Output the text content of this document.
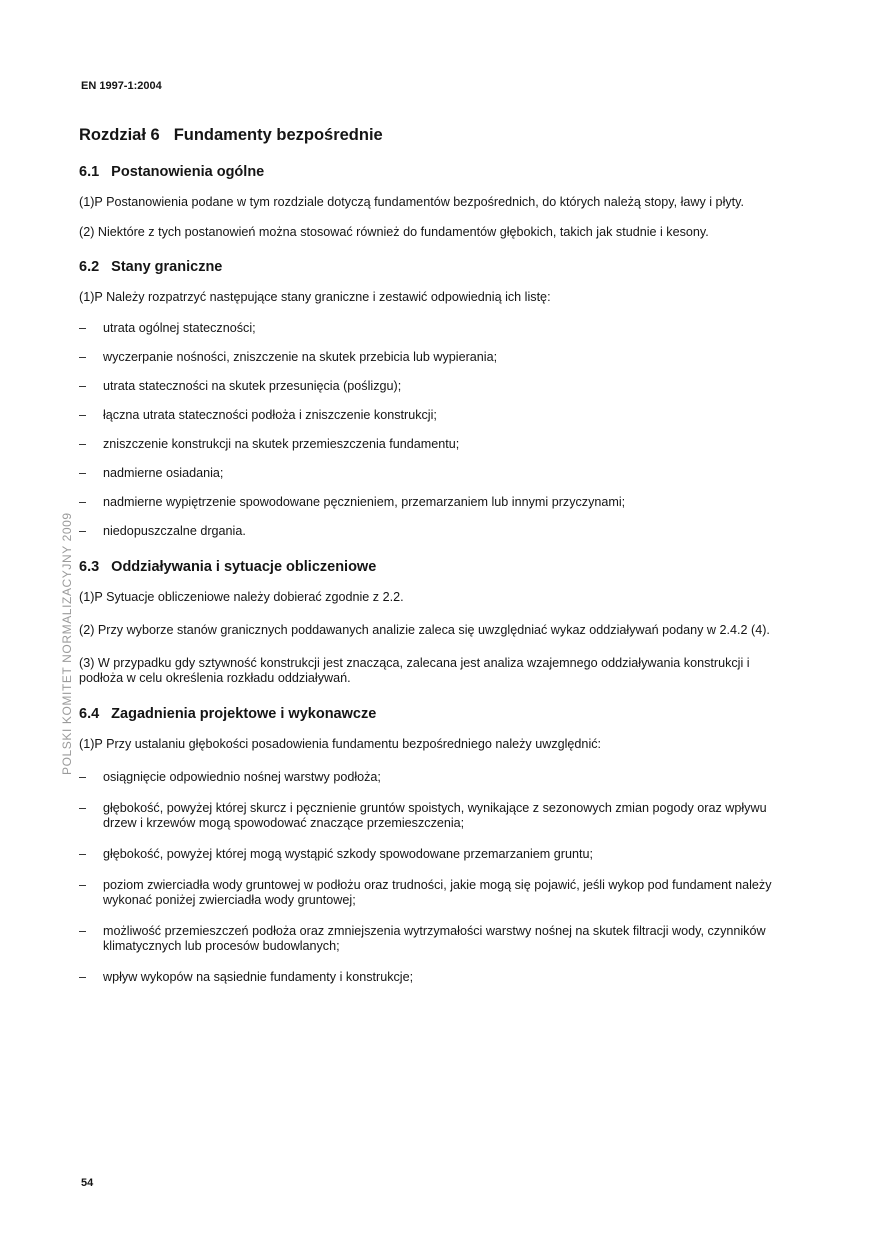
EN 1997-1:2004
POLSKI KOMITET NORMALIZACYJNY 2009
Rozdział 6 Fundamenty bezpośrednie
6.1 Postanowienia ogólne

(1)P Postanowienia podane w tym rozdziale dotyczą fundamentów bezpośrednich, do których należą stopy, ławy i płyty.

(2) Niektóre z tych postanowień można stosować również do fundamentów głębokich, takich jak studnie i kesony.

6.2 Stany graniczne

(1)P Należy rozpatrzyć następujące stany graniczne i zestawić odpowiednią ich listę:

–	utrata ogólnej stateczności;
–	wyczerpanie nośności, zniszczenie na skutek przebicia lub wypierania;
–	utrata stateczności na skutek przesunięcia (poślizgu);
–	łączna utrata stateczności podłoża i zniszczenie konstrukcji;
–	zniszczenie konstrukcji na skutek przemieszczenia fundamentu;
–	nadmierne osiadania;
–	nadmierne wypiętrzenie spowodowane pęcznieniem, przemarzaniem lub innymi przyczynami;
–	niedopuszczalne drgania.
6.3 Oddziaływania i sytuacje obliczeniowe

(1)P Sytuacje obliczeniowe należy dobierać zgodnie z 2.2.

(2) Przy wyborze stanów granicznych poddawanych analizie zaleca się uwzględniać wykaz oddziaływań podany w 2.4.2 (4).

(3) W przypadku gdy sztywność konstrukcji jest znacząca, zalecana jest analiza wzajemnego oddziaływania konstrukcji i podłoża w celu określenia rozkładu oddziaływań.

6.4 Zagadnienia projektowe i wykonawcze

(1)P Przy ustalaniu głębokości posadowienia fundamentu bezpośredniego należy uwzględnić:

–	osiągnięcie odpowiednio nośnej warstwy podłoża;
–	głębokość, powyżej której skurcz i pęcznienie gruntów spoistych, wynikające z sezonowych zmian pogody oraz wpływu drzew i krzewów mogą spowodować znaczące przemieszczenia;
–	głębokość, powyżej której mogą wystąpić szkody spowodowane przemarzaniem gruntu;
–	poziom zwierciadła wody gruntowej w podłożu oraz trudności, jakie mogą się pojawić, jeśli wykop pod fundament należy wykonać poniżej zwierciadła wody gruntowej;
–	możliwość przemieszczeń podłoża oraz zmniejszenia wytrzymałości warstwy nośnej na skutek filtracji wody, czynników klimatycznych lub procesów budowlanych;
–	wpływ wykopów na sąsiednie fundamenty i konstrukcje;
54
